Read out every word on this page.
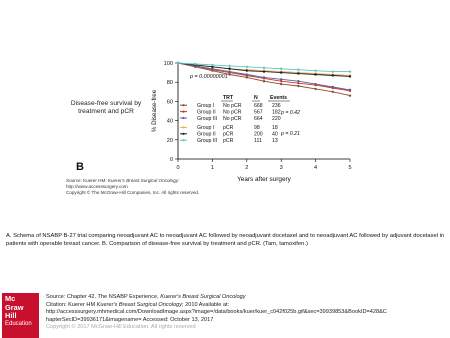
Disease-free survival by treatment and pCR
B
Source: Kuerer HM: Kuerer's Breast Surgical Oncology:
http://www.accesssurgery.com
Copyright © The McGraw-Hill Companies, Inc. All rights reserved.
0
20
40
60
80
100
0	1	2	3	4	5
Years after surgery
% Disease-free
p = 0.00000001
TRT	N Events
Group I No pCR 668 236
Group II No pCR 567 182
Group III No pCR 664 220
Group I pCR	98 18
Group II pCR	200 40
Group III pCR	111 13
p = 0.42
p = 0.21
A. Schema of NSABP B-27 trial comparing neoadjuvant AC to neoadjuvant AC followed by neoadjuvant docetaxel and to neoadjuvant AC followed by adjuvant docetaxel in patients with operable breast cancer. B. Comparison of disease-free survival by treatment and pCR. (Tam, tamoxifen.)
Mc
Graw
Hill
Education
Source: Chapter 42. The NSABP Experience, Kuerer's Breast Surgical Oncology
Citation: Kuerer HM Kuerer's Breast Surgical Oncology; 2010 Available at:
http://accesssurgery.mhmedical.com/DownloadImage.aspx?image=/data/books/kuer/kuer_c042f025b.gif&sec=39939853&BookID=428&C
hapterSecID=39936171&imagename= Accessed: October 13, 2017
Copyright © 2017 McGraw-Hill Education. All rights reserved
